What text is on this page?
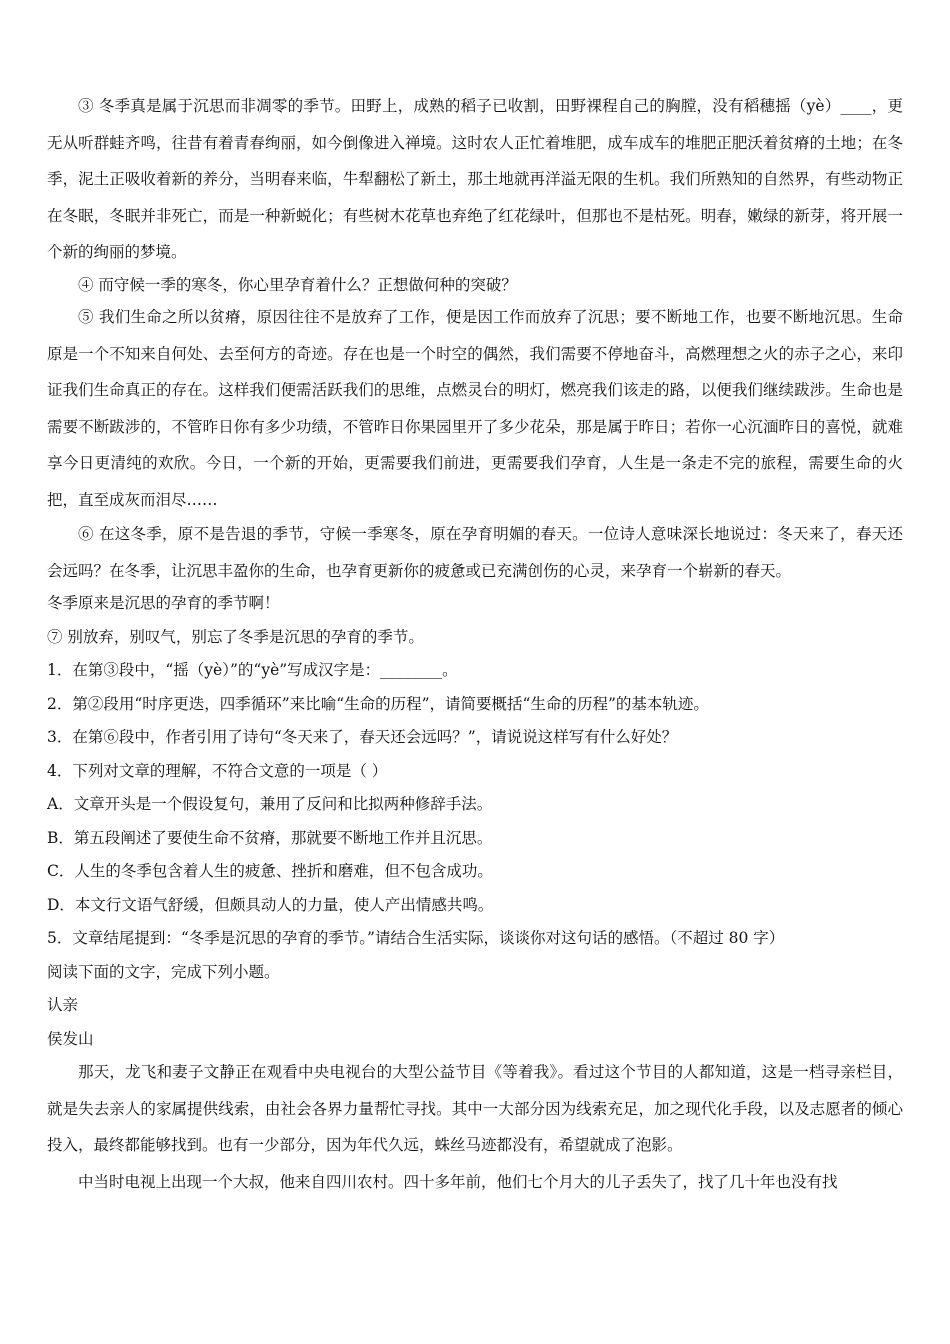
③ 冬季真是属于沉思而非凋零的季节。田野上，成熟的稻子已收割，田野裸程自己的胸膛，没有稻穗摇（yè）____，更无从听群蛙齐鸣，往昔有着青春绚丽，如今倒像进入禅境。这时农人正忙着堆肥，成车成车的堆肥正肥沃着贫瘠的土地；在冬季，泥土正吸收着新的养分，当明春来临，牛犁翻松了新土，那土地就再洋溢无限的生机。我们所熟知的自然界，有些动物正在冬眠，冬眠并非死亡，而是一种新蜕化；有些树木花草也弃绝了红花绿叶，但那也不是枯死。明春，嫩绿的新芽，将开展一个新的绚丽的梦境。

④ 而守候一季的寒冬，你心里孕育着什么？正想做何种的突破？

⑤ 我们生命之所以贫瘠，原因往往不是放弃了工作，便是因工作而放弃了沉思；要不断地工作，也要不断地沉思。生命原是一个不知来自何处、去至何方的奇迹。存在也是一个时空的偶然，我们需要不停地奋斗，高燃理想之火的赤子之心，来印证我们生命真正的存在。这样我们便需活跃我们的思维，点燃灵台的明灯，燃亮我们该走的路，以便我们继续跋涉。生命也是需要不断跋涉的，不管昨日你有多少功绩，不管昨日你果园里开了多少花朵，那是属于昨日；若你一心沉湎昨日的喜悦，就难享今日更清纯的欢欣。今日，一个新的开始，更需要我们前进，更需要我们孕育，人生是一条走不完的旅程，需要生命的火把，直至成灰而泪尽……

⑥ 在这冬季，原不是告退的季节，守候一季寒冬，原在孕育明媚的春天。一位诗人意味深长地说过：冬天来了，春天还会远吗？在冬季，让沉思丰盈你的生命，也孕育更新你的疲惫或已充满创伤的心灵，来孕育一个崭新的春天。

冬季原来是沉思的孕育的季节啊！

⑦ 别放弃，别叹气，别忘了冬季是沉思的孕育的季节。

1．在第③段中，“摇（yè）”的“yè”写成汉字是：________。

2．第②段用“时序更迭，四季循环”来比喻“生命的历程”，请简要概括“生命的历程”的基本轨迹。

3．在第⑥段中，作者引用了诗句“冬天来了，春天还会远吗？”，请说说这样写有什么好处？

4．下列对文章的理解，不符合文意的一项是（ ）

A．文章开头是一个假设复句，兼用了反问和比拟两种修辞手法。

B．第五段阐述了要使生命不贫瘠，那就要不断地工作并且沉思。

C．人生的冬季包含着人生的疲惫、挫折和磨难，但不包含成功。

D．本文行文语气舒缓，但颇具动人的力量，使人产出情感共鸣。

5．文章结尾提到：“冬季是沉思的孕育的季节。”请结合生活实际，谈谈你对这句话的感悟。（不超过 80 字）

阅读下面的文字，完成下列小题。

认亲

侯发山

那天，龙飞和妻子文静正在观看中央电视台的大型公益节目《等着我》。看过这个节目的人都知道，这是一档寻亲栏目，就是失去亲人的家属提供线索，由社会各界力量帮忙寻找。其中一大部分因为线索充足，加之现代化手段，以及志愿者的倾心投入，最终都能够找到。也有一少部分，因为年代久远，蛛丝马迹都没有，希望就成了泡影。

中当时电视上出现一个大叔，他来自四川农村。四十多年前，他们七个月大的儿子丢失了，找了几十年也没有找
